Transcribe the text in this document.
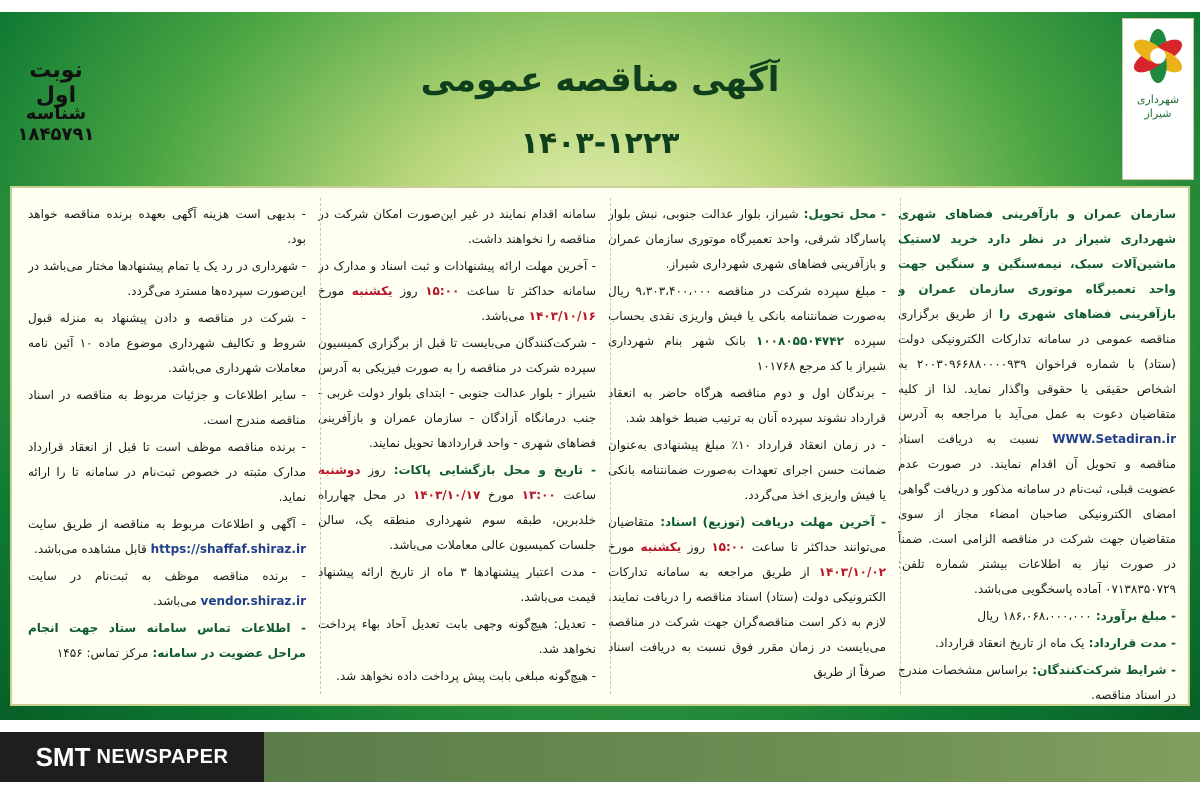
شهرداری شیراز
آگهی مناقصه عمومی
۱۴۰۳-۱۲۲۳
نوبت اول
شناسه ۱۸۴۵۷۹۱

سازمان عمران و بازآفرینی فضاهای شهری شهرداری شیراز در نظر دارد خرید لاستیک ماشین‌آلات سبک، نیمه‌سنگین و سنگین جهت واحد تعمیرگاه موتوری سازمان عمران و بازآفرینی فضاهای شهری را از طریق برگزاری مناقصه عمومی در سامانه تدارکات الکترونیکی دولت (ستاد) با شماره فراخوان ۲۰۰۳۰۹۶۶۸۸۰۰۰۰۹۳۹ به اشخاص حقیقی یا حقوقی واگذار نماید. لذا از کلیه متقاضیان دعوت به عمل می‌آید با مراجعه به آدرس WWW.Setadiran.ir نسبت به دریافت اسناد مناقصه و تحویل آن اقدام نمایند. در صورت عدم عضویت قبلی، ثبت‌نام در سامانه مذکور و دریافت گواهی امضای الکترونیکی صاحبان امضاء مجاز از سوی متقاضیان جهت شرکت در مناقصه الزامی است. ضمناً در صورت نیاز به اطلاعات بیشتر شماره تلفن: ۰۷۱۳۸۳۵۰۷۲۹ آماده پاسخگویی می‌باشد.

- مبلغ برآورد: ۱۸۶،۰۶۸،۰۰۰،۰۰۰ ریال

- مدت قرارداد: یک ماه از تاریخ انعقاد قرارداد.

- شرایط شرکت‌کنندگان: براساس مشخصات مندرج در اسناد مناقصه.

- محل تحویل: شیراز، بلوار عدالت جنوبی، نبش بلوار پاسارگاد شرقی، واحد تعمیرگاه موتوری سازمان عمران و بازآفرینی فضاهای شهری شهرداری شیراز.

- مبلغ سپرده شرکت در مناقصه ۹،۳۰۳،۴۰۰،۰۰۰ ریال به‌صورت ضمانتنامه بانکی یا فیش واریزی نقدی بحساب سپرده ۱۰۰۸۰۵۵۰۴۷۴۲ بانک شهر بنام شهرداری شیراز با کد مرجع ۱۰۱۷۶۸

- برندگان اول و دوم مناقصه هرگاه حاضر به انعقاد قرارداد نشوند سپرده آنان به ترتیب ضبط خواهد شد.

- در زمان انعقاد قرارداد ۱۰٪ مبلغ پیشنهادی به‌عنوان ضمانت حسن اجرای تعهدات به‌صورت ضمانتنامه بانکی یا فیش واریزی اخذ می‌گردد.

- آخرین مهلت دریافت (توزیع) اسناد: متقاضیان می‌توانند حداکثر تا ساعت ۱۵:۰۰ روز یکشنبه مورخ ۱۴۰۳/۱۰/۰۲ از طریق مراجعه به سامانه تدارکات الکترونیکی دولت (ستاد) اسناد مناقصه را دریافت نمایند. لازم به ذکر است مناقصه‌گران جهت شرکت در مناقصه می‌بایست در زمان مقرر فوق نسبت به دریافت اسناد صرفاً از طریق

سامانه اقدام نمایند در غیر این‌صورت امکان شرکت در مناقصه را نخواهند داشت.

- آخرین مهلت ارائه پیشنهادات و ثبت اسناد و مدارک در سامانه حداکثر تا ساعت ۱۵:۰۰ روز یکشنبه مورخ ۱۴۰۳/۱۰/۱۶ می‌باشد.

- شرکت‌کنندگان می‌بایست تا قبل از برگزاری کمیسیون سپرده شرکت در مناقصه را به صورت فیزیکی به آدرس شیراز - بلوار عدالت جنوبی - ابتدای بلوار دولت غربی - جنب درمانگاه آزادگان - سازمان عمران و بازآفرینی فضاهای شهری - واحد قراردادها تحویل نمایند.

- تاریخ و محل بازگشایی پاکات: روز دوشنبه ساعت ۱۳:۰۰ مورخ ۱۴۰۳/۱۰/۱۷ در محل چهارراه خلدبرین، طبقه سوم شهرداری منطقه یک، سالن جلسات کمیسیون عالی معاملات می‌باشد.

- مدت اعتبار پیشنهادها ۳ ماه از تاریخ ارائه پیشنهاد قیمت می‌باشد.

- تعدیل: هیچ‌گونه وجهی بابت تعدیل آحاد بهاء پرداخت نخواهد شد.

- هیچ‌گونه مبلغی بابت پیش پرداخت داده نخواهد شد.

- بدیهی است هزینه آگهی بعهده برنده مناقصه خواهد بود.

- شهرداری در رد یک یا تمام پیشنهادها مختار می‌باشد در این‌صورت سپرده‌ها مسترد می‌گردد.

- شرکت در مناقصه و دادن پیشنهاد به منزله قبول شروط و تکالیف شهرداری موضوع ماده ۱۰ آئین نامه معاملات شهرداری می‌باشد.

- سایر اطلاعات و جزئیات مربوط به مناقصه در اسناد مناقصه مندرج است.

- برنده مناقصه موظف است تا قبل از انعقاد قرارداد مدارک مثبته در خصوص ثبت‌نام در سامانه تا را ارائه نماید.

- آگهی و اطلاعات مربوط به مناقصه از طریق سایت https://shaffaf.shiraz.ir قابل مشاهده می‌باشد.

- برنده مناقصه موظف به ثبت‌نام در سایت vendor.shiraz.ir می‌باشد.

- اطلاعات تماس سامانه ستاد جهت انجام مراحل عضویت در سامانه: مرکز تماس: ۱۴۵۶

SMT NEWSPAPER
